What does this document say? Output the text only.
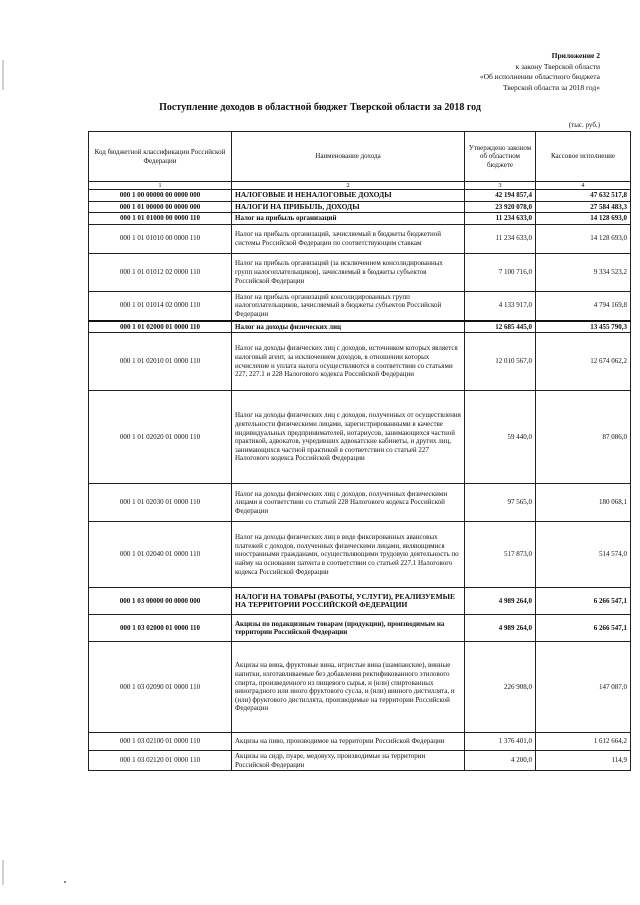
Приложение 2
к закону Тверской области
«Об исполнении областного бюджета
Тверской области за 2018 год»
Поступление доходов в областной бюджет Тверской области за 2018 год
(тыс. руб.)
Код бюджетной классификации Российской Федерации	Наименование дохода	Утверждено законом об областном бюджете	Кассовое исполнение
1	2	3	4
000 1 00 00000 00 0000 000	НАЛОГОВЫЕ И НЕНАЛОГОВЫЕ ДОХОДЫ	42 194 857,4	47 632 517,8
000 1 01 00000 00 0000 000	НАЛОГИ НА ПРИБЫЛЬ, ДОХОДЫ	23 920 078,0	27 584 483,3
000 1 01 01000 00 0000 110	Налог на прибыль организаций	11 234 633,0	14 128 693,0
000 1 01 01010 00 0000 110	Налог на прибыль организаций, зачисляемый в бюджеты бюджетной системы Российской Федерации по соответствующим ставкам	11 234 633,0	14 128 693,0
000 1 01 01012 02 0000 110	Налог на прибыль организаций (за исключением консолидированных групп налогоплательщиков), зачисляемый в бюджеты субъектов Российской Федерации	7 100 716,0	9 334 523,2
000 1 01 01014 02 0000 110	Налог на прибыль организаций консолидированных групп налогоплательщиков, зачисляемый в бюджеты субъектов Российской Федерации	4 133 917,0	4 794 169,8
000 1 01 02000 01 0000 110	Налог на доходы физических лиц	12 685 445,0	13 455 790,3
000 1 01 02010 01 0000 110	Налог на доходы физических лиц с доходов, источником которых является налоговый агент, за исключением доходов, в отношении которых исчисление и уплата налога осуществляются в соответствии со статьями 227, 227.1 и 228 Налогового кодекса Российской Федерации	12 010 567,0	12 674 062,2
000 1 01 02020 01 0000 110	Налог на доходы физических лиц с доходов, полученных от осуществления деятельности физическими лицами, зарегистрированными в качестве индивидуальных предпринимателей, нотариусов, занимающихся частной практикой, адвокатов, учредивших адвокатские кабинеты, и других лиц, занимающихся частной практикой в соответствии со статьей 227 Налогового кодекса Российской Федерации	59 440,0	87 086,0
000 1 01 02030 01 0000 110	Налог на доходы физических лиц с доходов, полученных физическими лицами в соответствии со статьей 228 Налогового кодекса Российской Федерации	97 565,0	180 068,1
000 1 01 02040 01 0000 110	Налог на доходы физических лиц в виде фиксированных авансовых платежей с доходов, полученных физическими лицами, являющимися иностранными гражданами, осуществляющими трудовую деятельность по найму на основании патента в соответствии со статьей 227.1 Налогового кодекса Российской Федерации	517 873,0	514 574,0
000 1 03 00000 00 0000 000	НАЛОГИ НА ТОВАРЫ (РАБОТЫ, УСЛУГИ), РЕАЛИЗУЕМЫЕ НА ТЕРРИТОРИИ РОССИЙСКОЙ ФЕДЕРАЦИИ	4 989 264,0	6 266 547,1
000 1 03 02000 01 0000 110	Акцизы по подакцизным товарам (продукции), производимым на территории Российской Федерации	4 989 264,0	6 266 547,1
000 1 03 02090 01 0000 110	Акцизы на вина, фруктовые вина, игристые вина (шампанские), винные напитки, изготавливаемые без добавления ректификованного этилового спирта, произведенного из пищевого сырья, и (или) спиртованных виноградного или иного фруктового сусла, и (или) винного дистиллята, и (или) фруктового дистиллята, производимые на территории Российской Федерации	226 908,0	147 087,0
000 1 03 02100 01 0000 110	Акцизы на пиво, производимое на территории Российской Федерации	1 376 401,0	1 612 664,2
000 1 03 02120 01 0000 110	Акцизы на сидр, пуаре, медовуху, производимые на территории Российской Федерации	4 200,0	114,9
